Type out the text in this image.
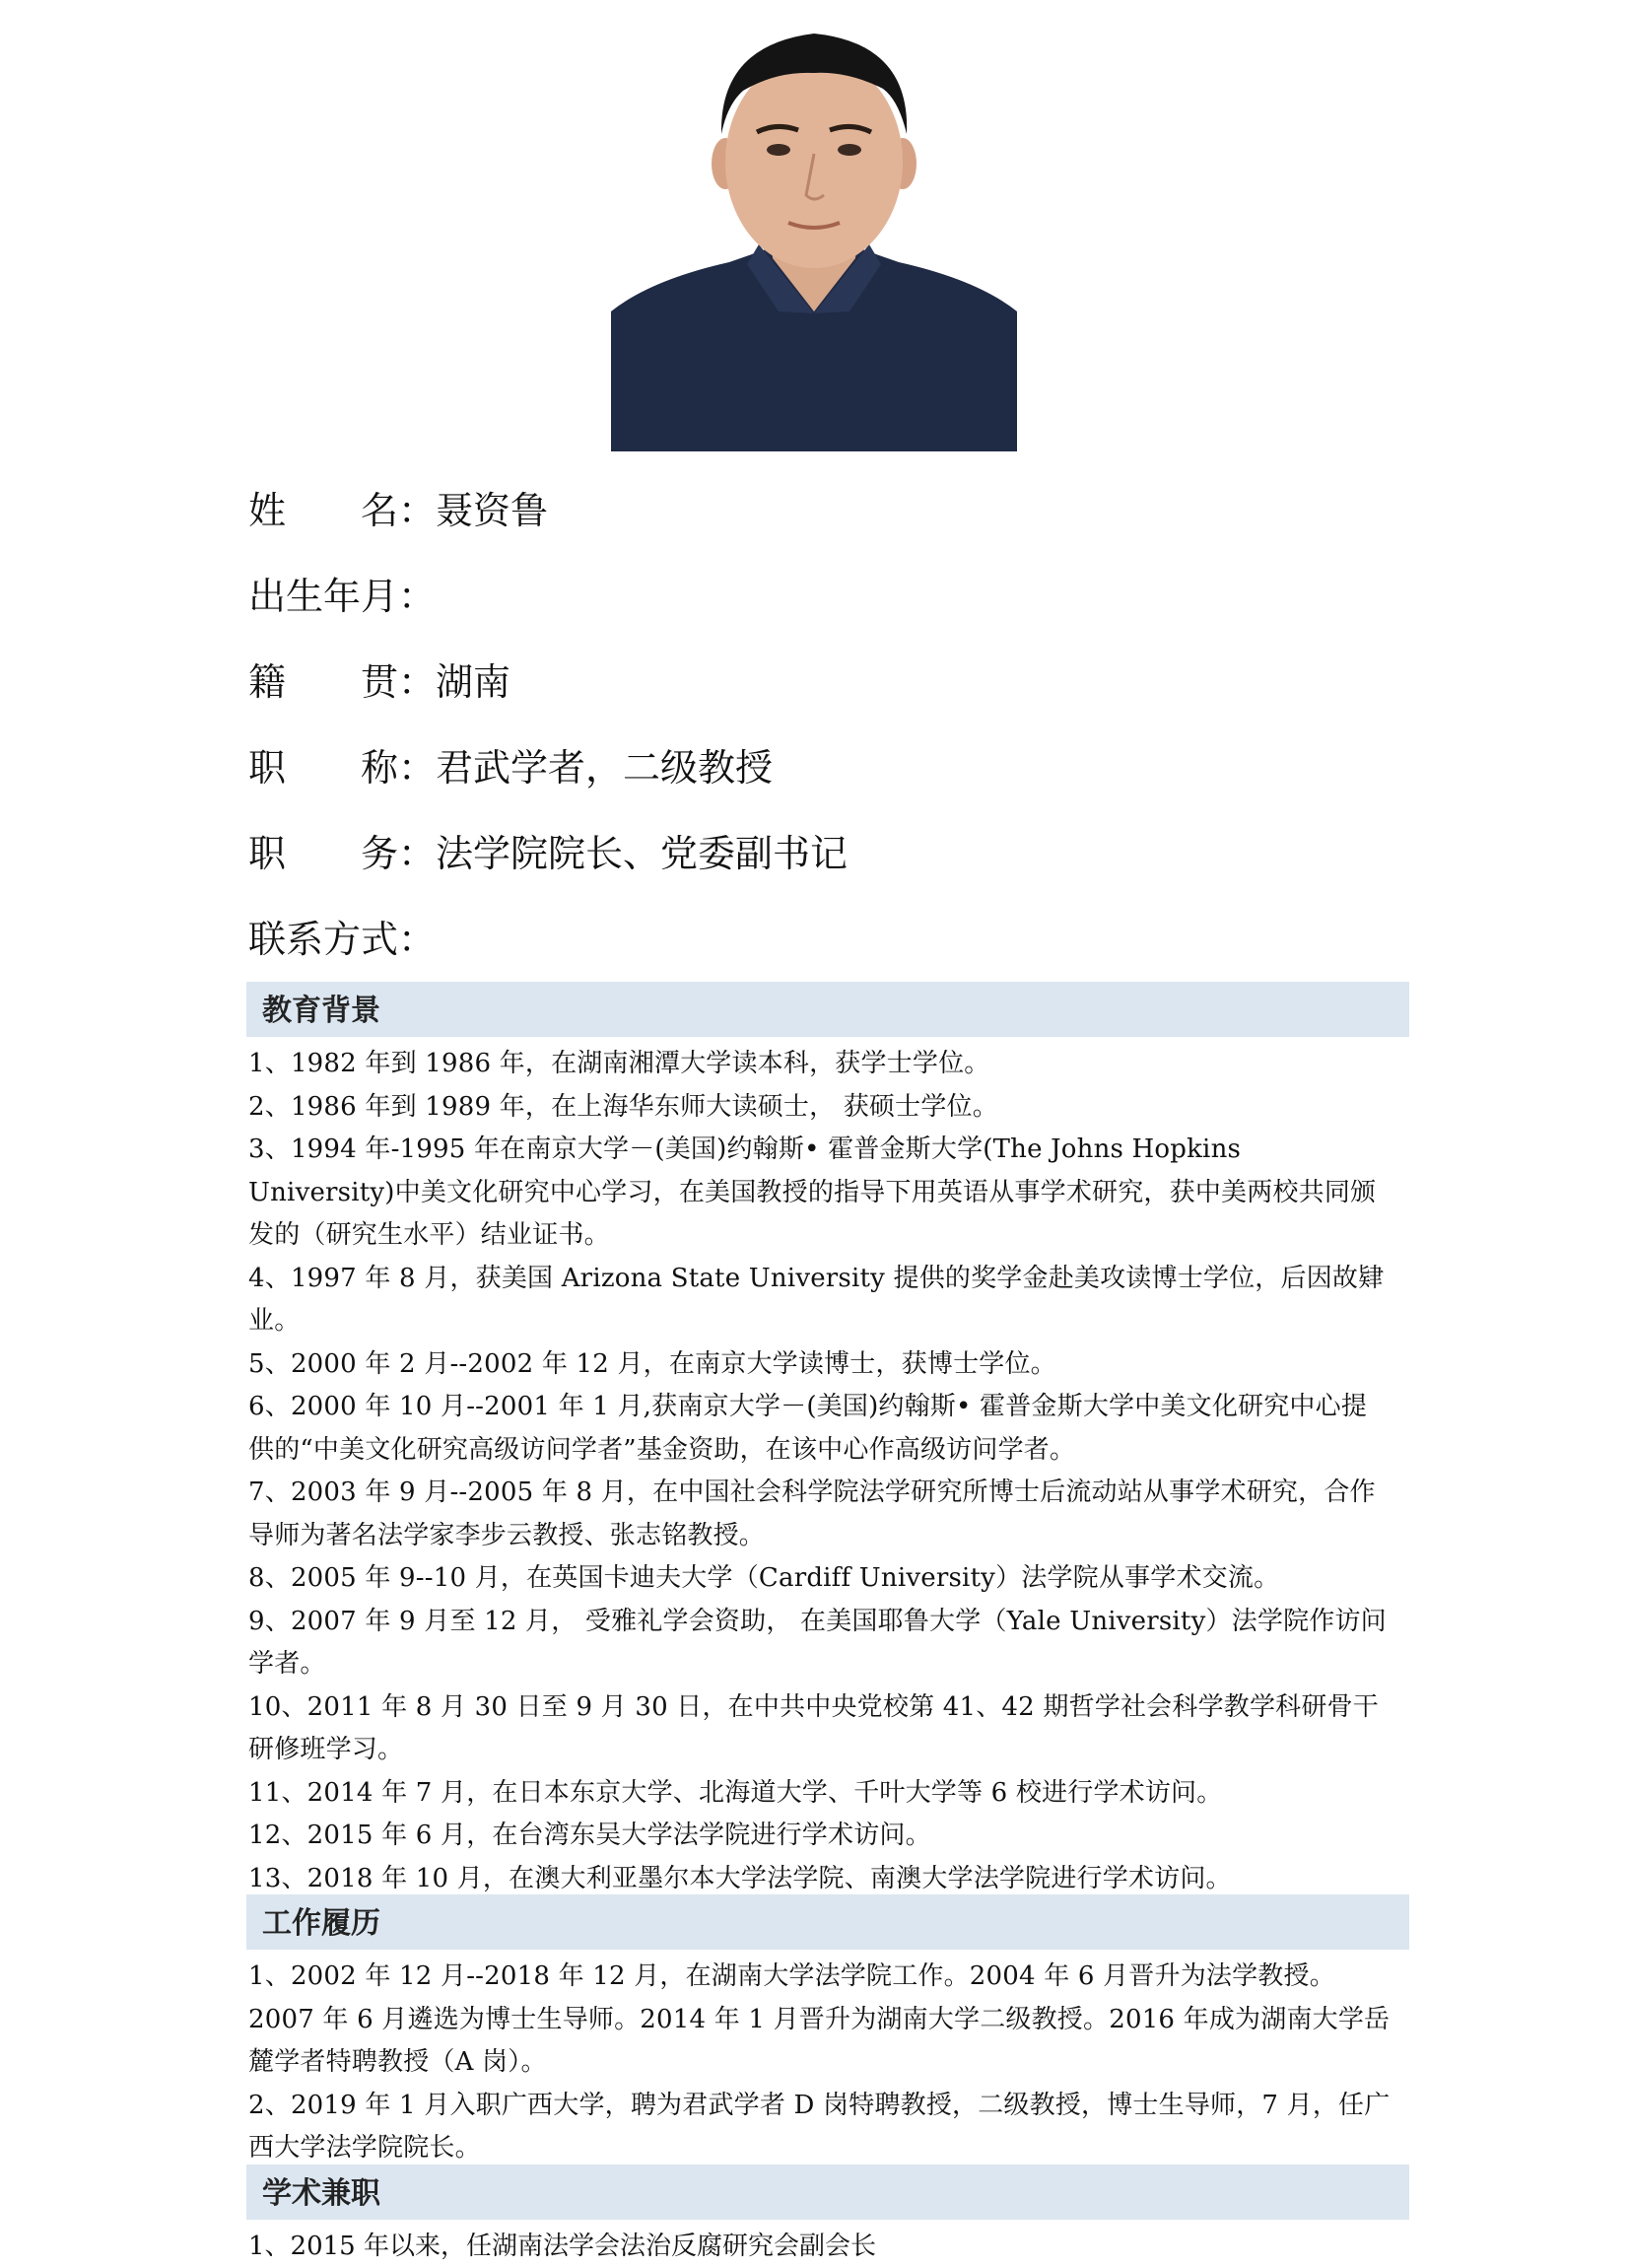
姓　　名： 聂资鲁
出生年月：
籍　　贯： 湖南
职　　称： 君武学者，二级教授
职　　务： 法学院院长、党委副书记
联系方式：
教育背景
1、1982 年到 1986 年，在湖南湘潭大学读本科，获学士学位。
2、1986 年到 1989 年，在上海华东师大读硕士， 获硕士学位。
3、1994 年-1995 年在南京大学－(美国)约翰斯• 霍普金斯大学(The Johns Hopkins University)中美文化研究中心学习，在美国教授的指导下用英语从事学术研究，获中美两校共同颁发的（研究生水平）结业证书。
4、1997 年 8 月，获美国 Arizona State University 提供的奖学金赴美攻读博士学位，后因故肄业。
5、2000 年 2 月--2002 年 12 月，在南京大学读博士，获博士学位。
6、2000 年 10 月--2001 年 1 月,获南京大学－(美国)约翰斯• 霍普金斯大学中美文化研究中心提供的“中美文化研究高级访问学者”基金资助，在该中心作高级访问学者。
7、2003 年 9 月--2005 年 8 月，在中国社会科学院法学研究所博士后流动站从事学术研究，合作导师为著名法学家李步云教授、张志铭教授。
8、2005 年 9--10 月，在英国卡迪夫大学（Cardiff University）法学院从事学术交流。
9、2007 年 9 月至 12 月， 受雅礼学会资助， 在美国耶鲁大学（Yale University）法学院作访问学者。
10、2011 年 8 月 30 日至 9 月 30 日，在中共中央党校第 41、42 期哲学社会科学教学科研骨干研修班学习。
11、2014 年 7 月，在日本东京大学、北海道大学、千叶大学等 6 校进行学术访问。
12、2015 年 6 月，在台湾东吴大学法学院进行学术访问。
13、2018 年 10 月，在澳大利亚墨尔本大学法学院、南澳大学法学院进行学术访问。
工作履历
1、2002 年 12 月--2018 年 12 月，在湖南大学法学院工作。2004 年 6 月晋升为法学教授。2007 年 6 月遴选为博士生导师。2014 年 1 月晋升为湖南大学二级教授。2016 年成为湖南大学岳麓学者特聘教授（A 岗）。
2、2019 年 1 月入职广西大学，聘为君武学者 D 岗特聘教授，二级教授，博士生导师，7 月，任广西大学法学院院长。
学术兼职
1、2015 年以来，任湖南法学会法治反腐研究会副会长
